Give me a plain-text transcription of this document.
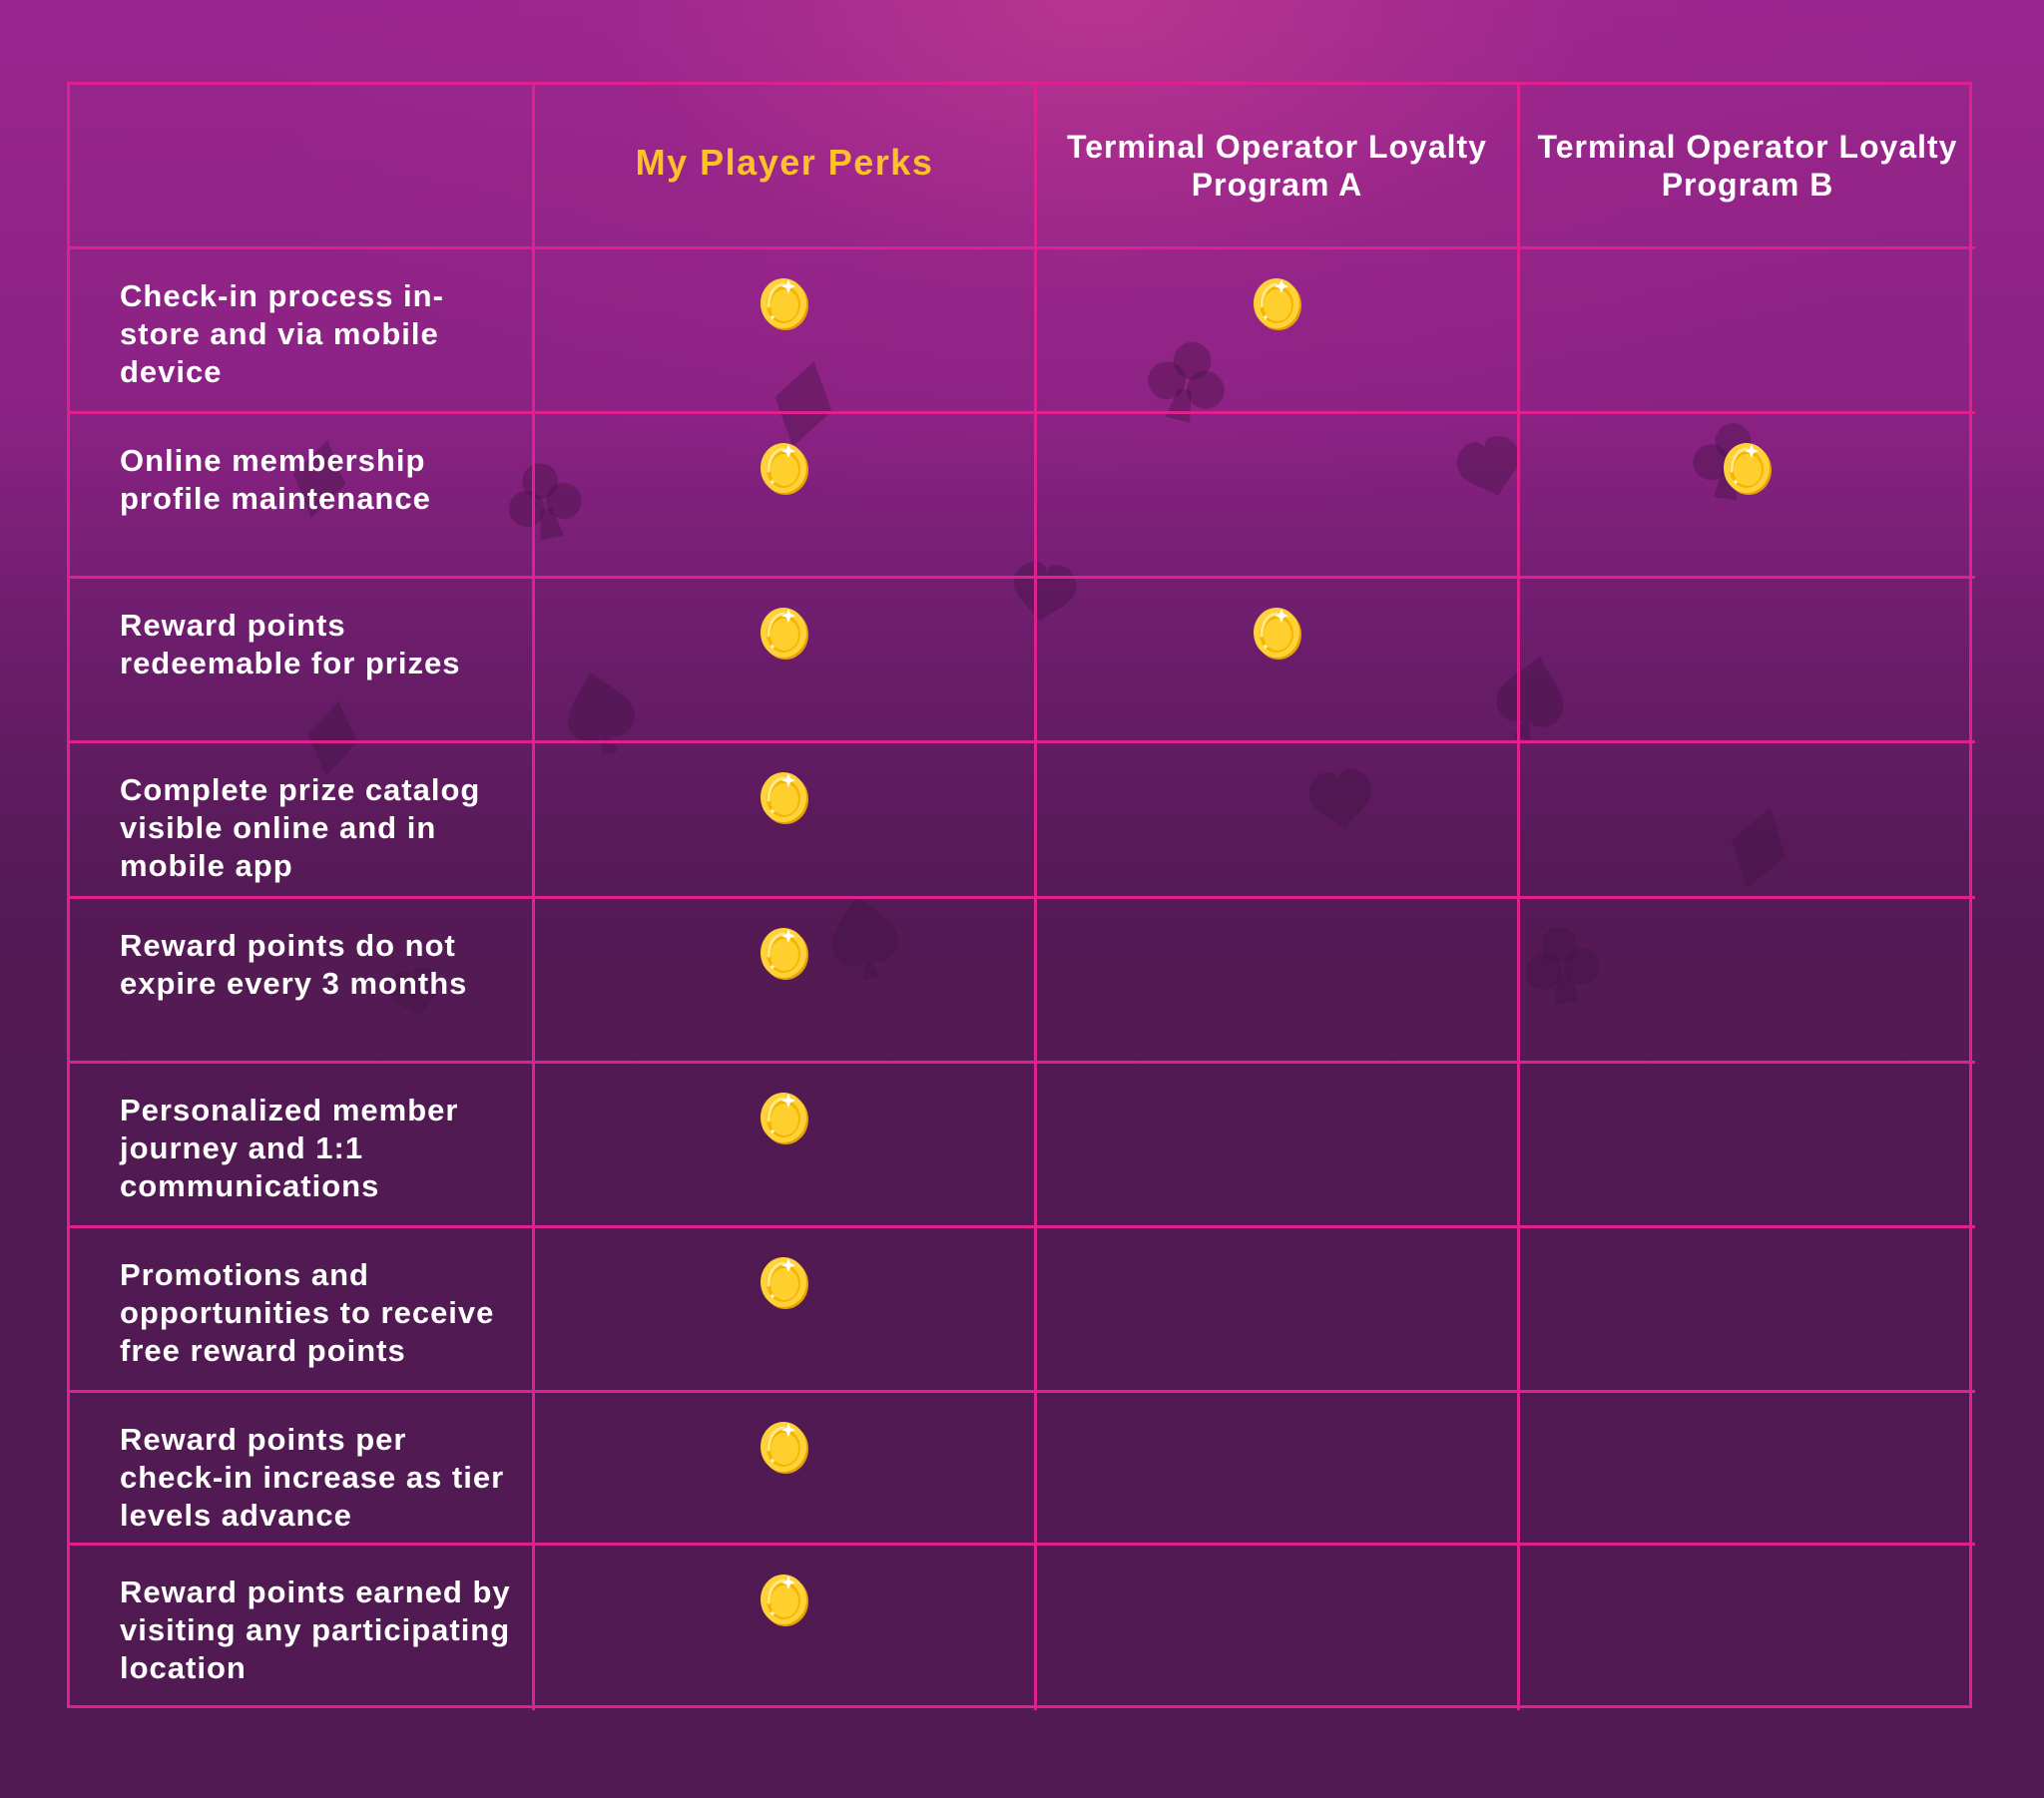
My Player Perks	Terminal Operator Loyalty Program A
Terminal Operator Loyalty Program B
Check-in process in-store and via mobile device
Online membership profile maintenance
Reward points redeemable for prizes
Complete prize catalog visible online and in mobile app
Reward points do not expire every 3 months
Personalized member journey and 1:1 communications
Promotions and opportunities to receive free reward points
Reward points per check-in increase as tier levels advance
Reward points earned by visiting any participating location
